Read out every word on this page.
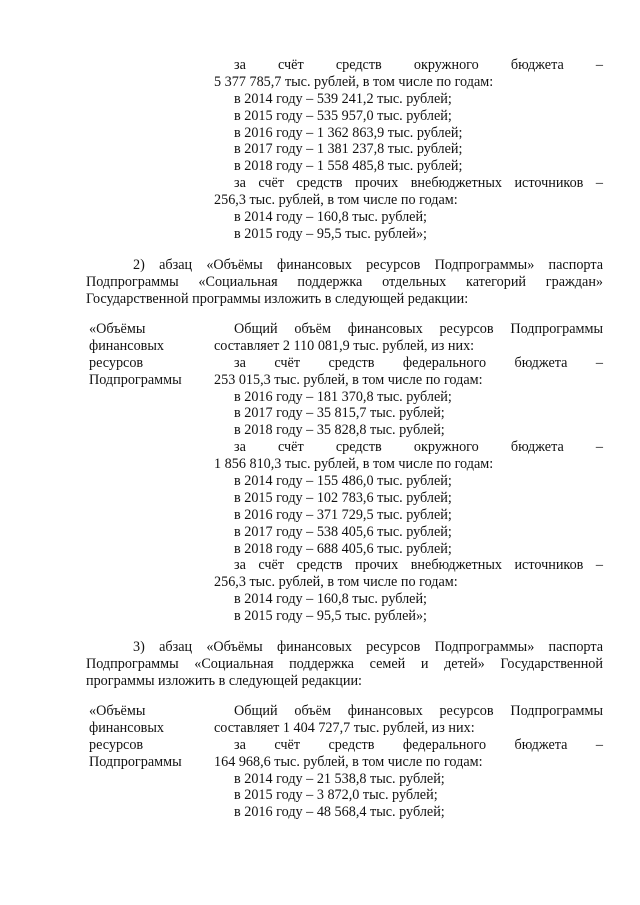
за счёт средств окружного бюджета –
5 377 785,7 тыс. рублей, в том числе по годам:
в 2014 году – 539 241,2 тыс. рублей;
в 2015 году – 535 957,0 тыс. рублей;
в 2016 году – 1 362 863,9 тыс. рублей;
в 2017 году – 1 381 237,8 тыс. рублей;
в 2018 году – 1 558 485,8 тыс. рублей;
за счёт средств прочих внебюджетных источников –
256,3 тыс. рублей, в том числе по годам:
в 2014 году – 160,8 тыс. рублей;
в 2015 году – 95,5 тыс. рублей»;
2) абзац «Объёмы финансовых ресурсов Подпрограммы» паспорта
Подпрограммы «Социальная поддержка отдельных категорий граждан»
Государственной программы изложить в следующей редакции:
«Объёмы
финансовых
ресурсов
Подпрограммы
Общий объём финансовых ресурсов Подпрограммы
составляет 2 110 081,9 тыс. рублей, из них:
за счёт средств федерального бюджета –
253 015,3 тыс. рублей, в том числе по годам:
в 2016 году – 181 370,8 тыс. рублей;
в 2017 году – 35 815,7 тыс. рублей;
в 2018 году – 35 828,8 тыс. рублей;
за счёт средств окружного бюджета –
1 856 810,3 тыс. рублей, в том числе по годам:
в 2014 году – 155 486,0 тыс. рублей;
в 2015 году – 102 783,6 тыс. рублей;
в 2016 году – 371 729,5 тыс. рублей;
в 2017 году – 538 405,6 тыс. рублей;
в 2018 году – 688 405,6 тыс. рублей;
за счёт средств прочих внебюджетных источников –
256,3 тыс. рублей, в том числе по годам:
в 2014 году – 160,8 тыс. рублей;
в 2015 году – 95,5 тыс. рублей»;
3) абзац «Объёмы финансовых ресурсов Подпрограммы» паспорта
Подпрограммы «Социальная поддержка семей и детей» Государственной
программы изложить в следующей редакции:
«Объёмы
финансовых
ресурсов
Подпрограммы
Общий объём финансовых ресурсов Подпрограммы
составляет 1 404 727,7 тыс. рублей, из них:
за счёт средств федерального бюджета –
164 968,6 тыс. рублей, в том числе по годам:
в 2014 году – 21 538,8 тыс. рублей;
в 2015 году – 3 872,0 тыс. рублей;
в 2016 году – 48 568,4 тыс. рублей;
